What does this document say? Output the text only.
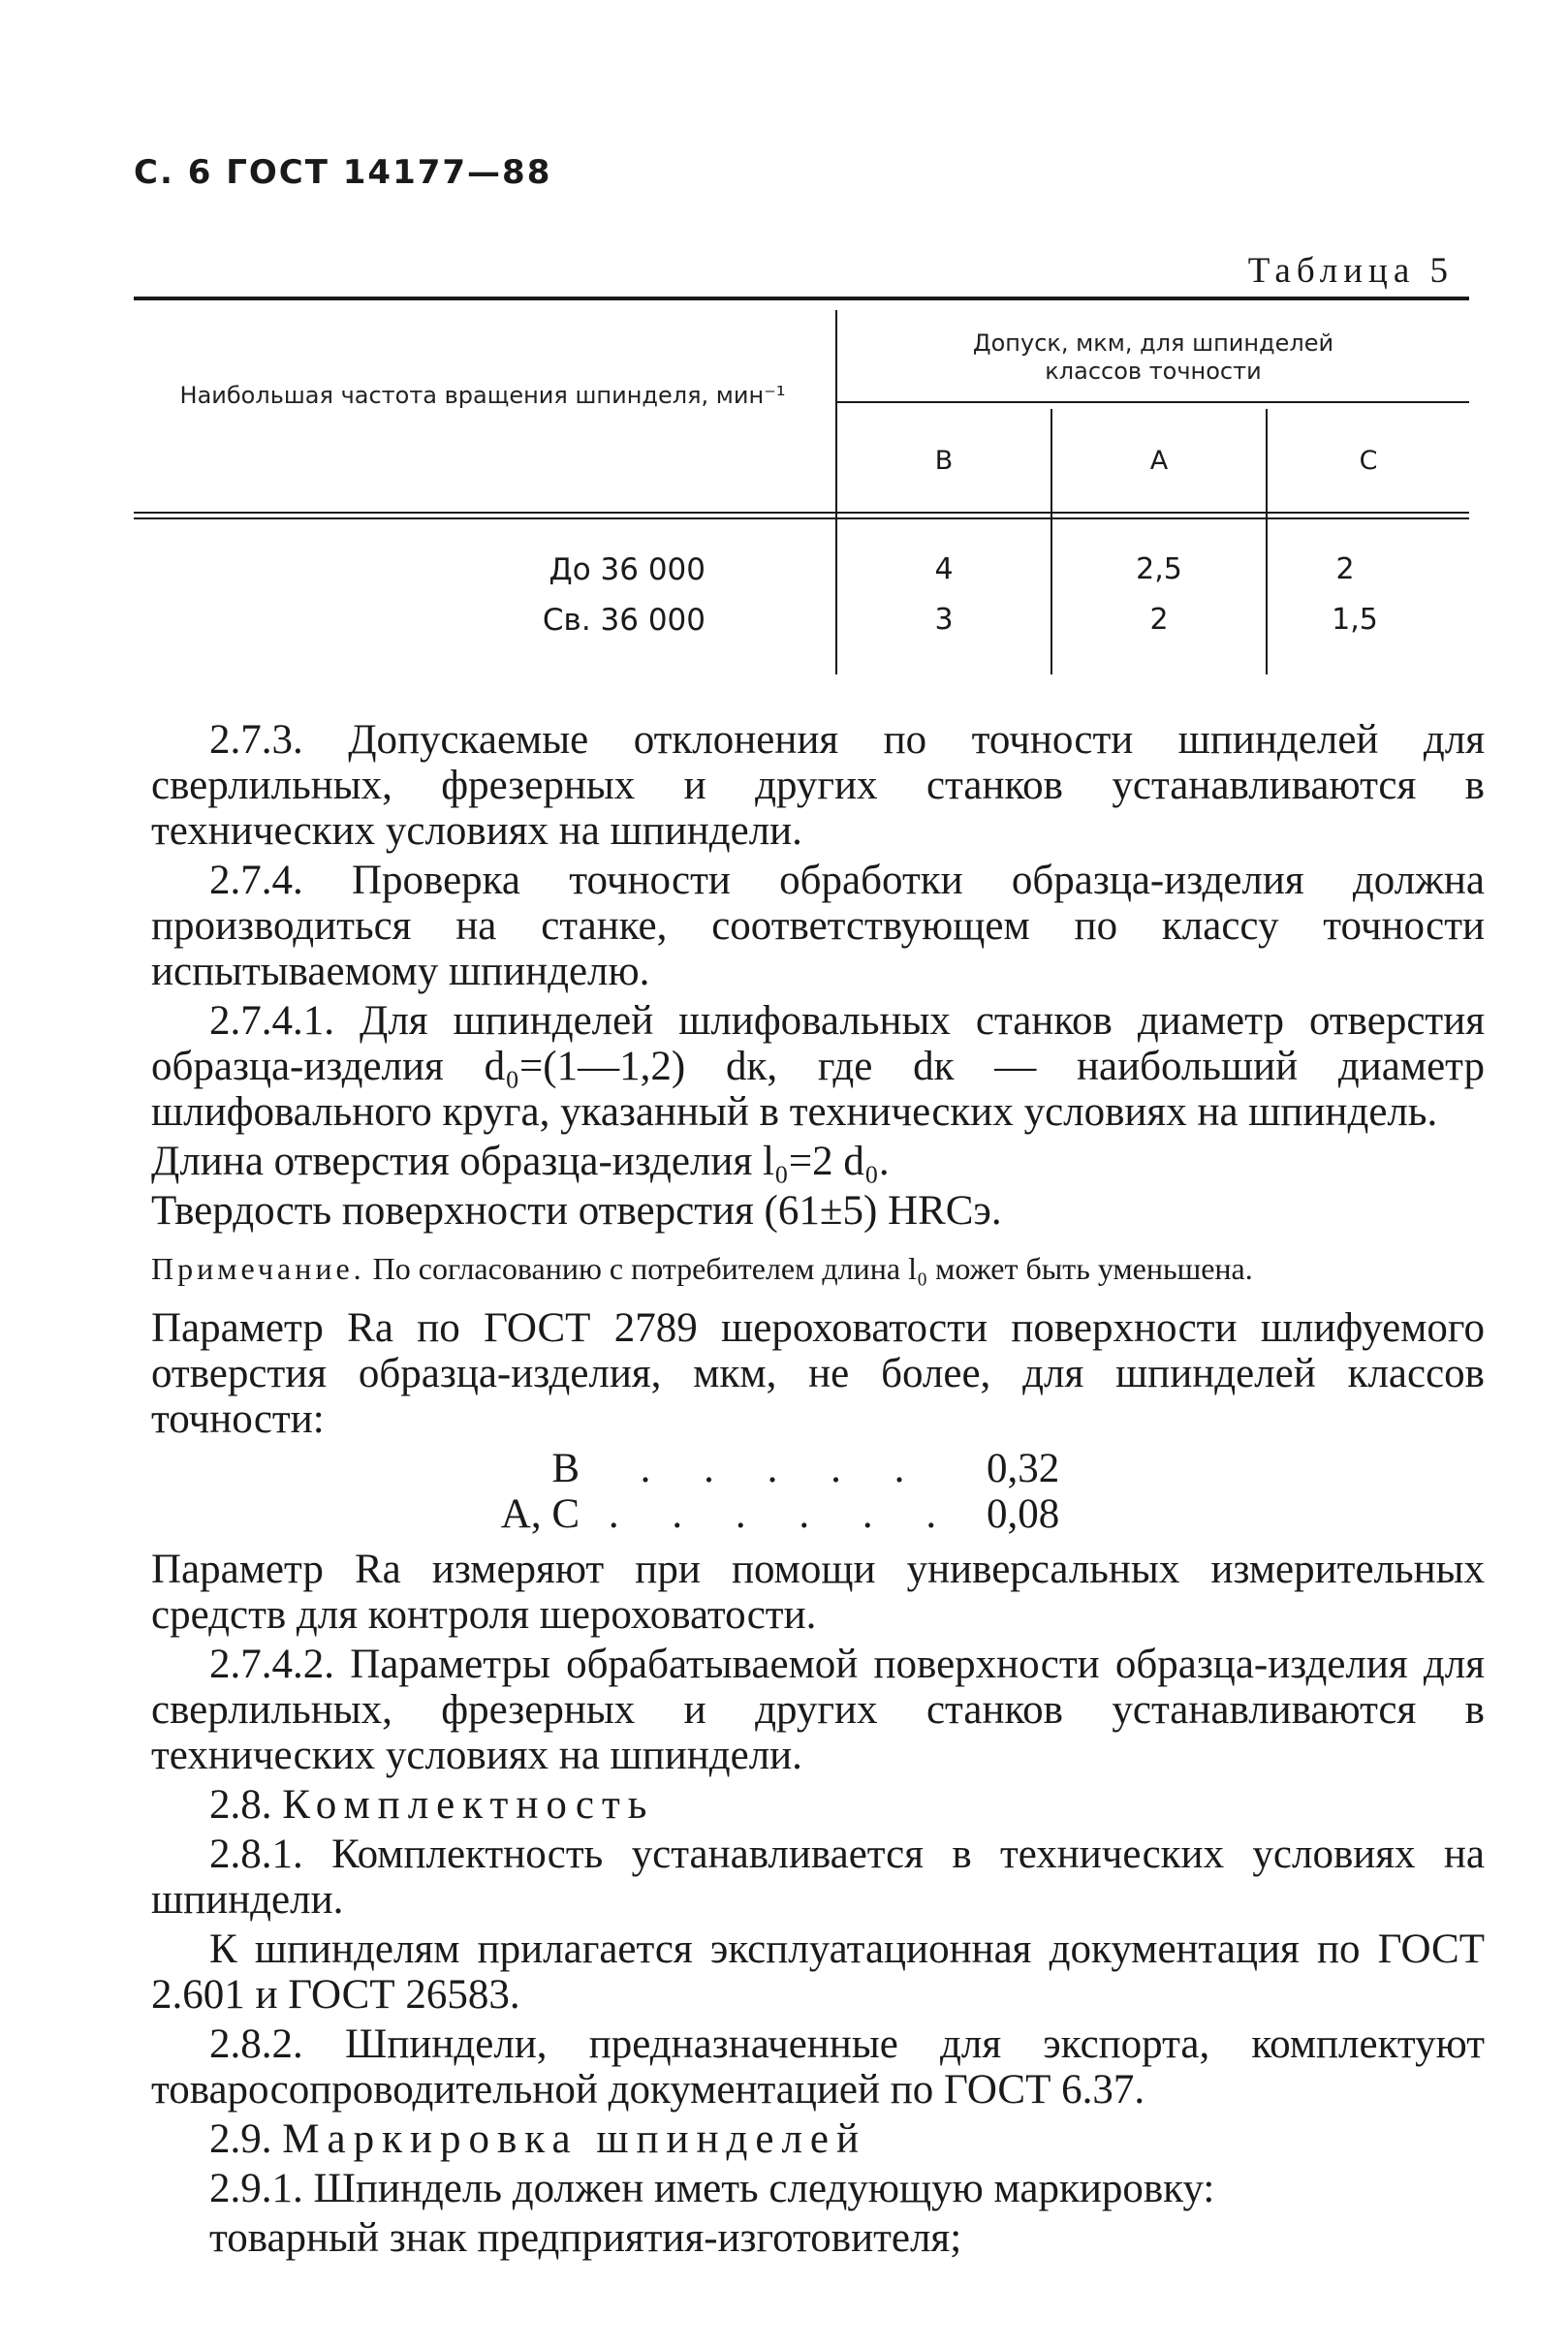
С. 6 ГОСТ 14177—88
Таблица 5
Наибольшая частота вращения шпинделя, мин⁻¹
Допуск, мкм, для шпинделей классов точности
В	А	С
До 36 000	4	2,5	2
Св. 36 000	3	2	1,5

2.7.3. Допускаемые отклонения по точности шпинделей для сверлильных, фрезерных и других станков устанавливаются в технических условиях на шпиндели.

2.7.4. Проверка точности обработки образца-изделия должна производиться на станке, соответствующем по классу точности испытываемому шпинделю.

2.7.4.1. Для шпинделей шлифовальных станков диаметр отверстия образца-изделия d₀=(1—1,2) dк, где dк — наибольший диаметр шлифовального круга, указанный в технических условиях на шпиндель.

Длина отверстия образца-изделия l₀=2 d₀.

Твердость поверхности отверстия (61±5) HRCэ.

Примечание. По согласованию с потребителем длина l₀ может быть уменьшена.

Параметр Ra по ГОСТ 2789 шероховатости поверхности шлифуемого отверстия образца-изделия, мкм, не более, для шпинделей классов точности:

В	. . . . .	0,32
А, С . . . . . . 0,08

Параметр Ra измеряют при помощи универсальных измерительных средств для контроля шероховатости.

2.7.4.2. Параметры обрабатываемой поверхности образца-изделия для сверлильных, фрезерных и других станков устанавливаются в технических условиях на шпиндели.

2.8. Комплектность

2.8.1. Комплектность устанавливается в технических условиях на шпиндели.

К шпинделям прилагается эксплуатационная документация по ГОСТ 2.601 и ГОСТ 26583.

2.8.2. Шпиндели, предназначенные для экспорта, комплектуют товаросопроводительной документацией по ГОСТ 6.37.

2.9. Маркировка шпинделей

2.9.1. Шпиндель должен иметь следующую маркировку:

товарный знак предприятия-изготовителя;
